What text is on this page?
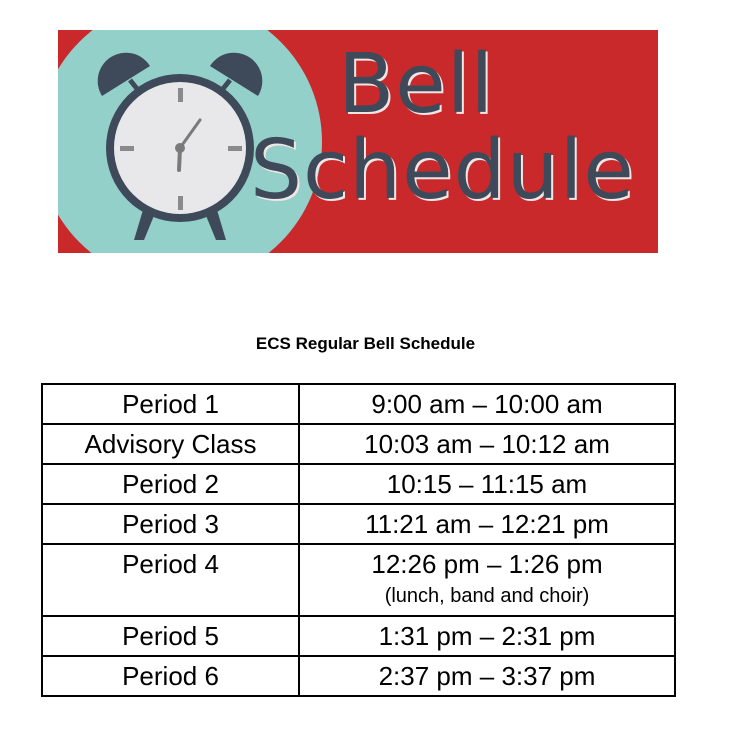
Bell
Schedule
ECS Regular Bell Schedule
Period 1	9:00 am – 10:00 am
Advisory Class	10:03 am – 10:12 am
Period 2	10:15 – 11:15 am
Period 3	11:21 am – 12:21 pm
Period 4	12:26 pm – 1:26 pm
(lunch, band and choir)

Period 5	1:31 pm – 2:31 pm
Period 6	2:37 pm – 3:37 pm
